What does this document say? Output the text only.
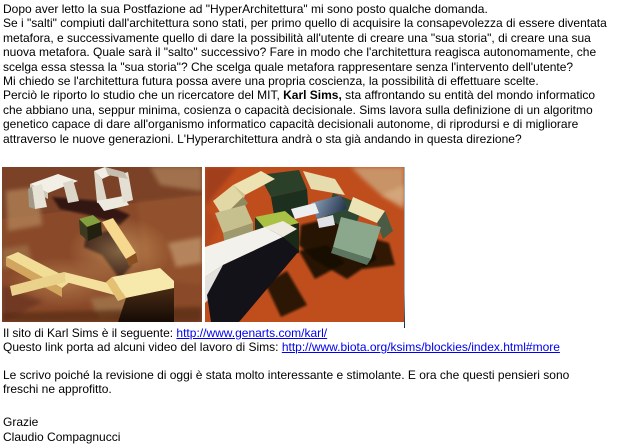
Dopo aver letto la sua Postfazione ad "HyperArchitettura" mi sono posto qualche domanda.
Se i "salti" compiuti dall'architettura sono stati, per primo quello di acquisire la consapevolezza di essere diventata
metafora, e successivamente quello di dare la possibilità all'utente di creare una "sua storia", di creare una sua
nuova metafora. Quale sarà il "salto" successivo? Fare in modo che l'architettura reagisca autonomamente, che
scelga essa stessa la "sua storia"? Che scelga quale metafora rappresentare senza l'intervento dell'utente?
Mi chiedo se l'architettura futura possa avere una propria coscienza, la possibilità di effettuare scelte.
Perciò le riporto lo studio che un ricercatore del MIT, Karl Sims, sta affrontando su entità del mondo informatico
che abbiano una, seppur minima, cosienza o capacità decisionale. Sims lavora sulla definizione di un algoritmo
genetico capace di dare all'organismo informatico capacità decisionali autonome, di riprodursi e di migliorare
attraverso le nuove generazioni. L'Hyperarchitettura andrà o sta già andando in questa direzione?
Il sito di Karl Sims è il seguente: http://www.genarts.com/karl/
Questo link porta ad alcuni video del lavoro di Sims: http://www.biota.org/ksims/blockies/index.html#more
Le scrivo poiché la revisione di oggi è stata molto interessante e stimolante. E ora che questi pensieri sono
freschi ne approfitto.
Grazie
Claudio Compagnucci
